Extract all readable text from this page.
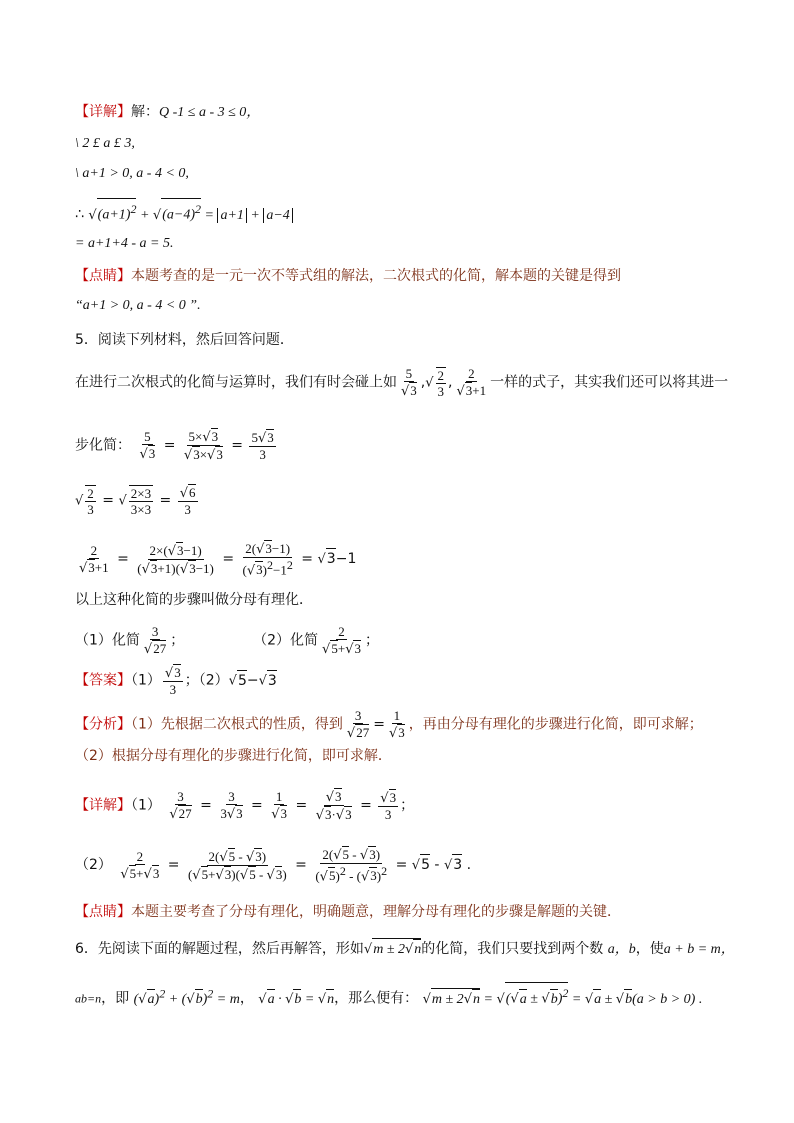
【详解】解：Q -1 ≤ a - 3 ≤ 0，
\ 2 £ a £ 3,
\ a+1 > 0, a - 4 < 0,
∴ $√(a+1)^2 + √(a-4)^2 = a+1 + a-4$
= a+1+4 - a = 5.
【点睛】本题考查的是一元一次不等式组的解法，二次根式的化简，解本题的关键是得到
“a+1 > 0, a - 4 < 0 ”.
5．阅读下列材料，然后回答问题．
在进行二次根式的化简与运算时，我们有时会碰上如 $\frac{5}{√3}$ ,√ $\frac{2}{3}$ , $\frac{2}{√3+1}$ 一样的式子，其实我们还可以将其进一
步化简： $\frac{5}{√3} = \frac{5\times√3}{√3\times√3} = \frac{5√3}{3}$
√ $\frac{2}{3}$ = √ $\frac{2\times 3}{3\times 3} = \frac{√6}{3}$
$\frac{2}{√3+1} = \frac{2\times(√3-1)}{(√3+1)(√3-1)} = \frac{2(√3-1)}{(√3)^2-1^2} = √3-1$
以上这种化简的步骤叫做分母有理化．
（1）化简 $\frac{3}{√27}$ ；	（2）化简 $\frac{2}{√5+√3}$ ；
【答案】$(1) \frac{√3}{3}$ ；（2）√5−√3
【分析】（1）先根据二次根式的性质，得到 $\frac{3}{√27} = \frac{1}{√3}$ ，再由分母有理化的步骤进行化简，即可求解；
（2）根据分母有理化的步骤进行化简，即可求解．
【详解】$(1) \frac{3}{√27} = \frac{3}{3√3} = \frac{1}{√3} = \frac{√3}{√3\cdot√3} = \frac{√3}{3}$ ；
$(2) \frac{2}{√5+√3} = \frac{2(√5 - √3)}{(√5+√3)(√5 - √3)} = \frac{2(√5 - √3)}{(√5)^2 - (√3)^2} = √5 - √3$ .
【点睛】本题主要考查了分母有理化，明确题意，理解分母有理化的步骤是解题的关键．
6．先阅读下面的解题过程，然后再解答，形如√m ± 2√n的化简，我们只要找到两个数 a，b，使a + b = m，
ab=n，即 $(√a)^2 + (√b)^2 = m$， √a · √b = √n，那么便有： $√m \pm 2√n = √(√a \pm √b)^2 = √a \pm √b(a > b > 0)$ .
